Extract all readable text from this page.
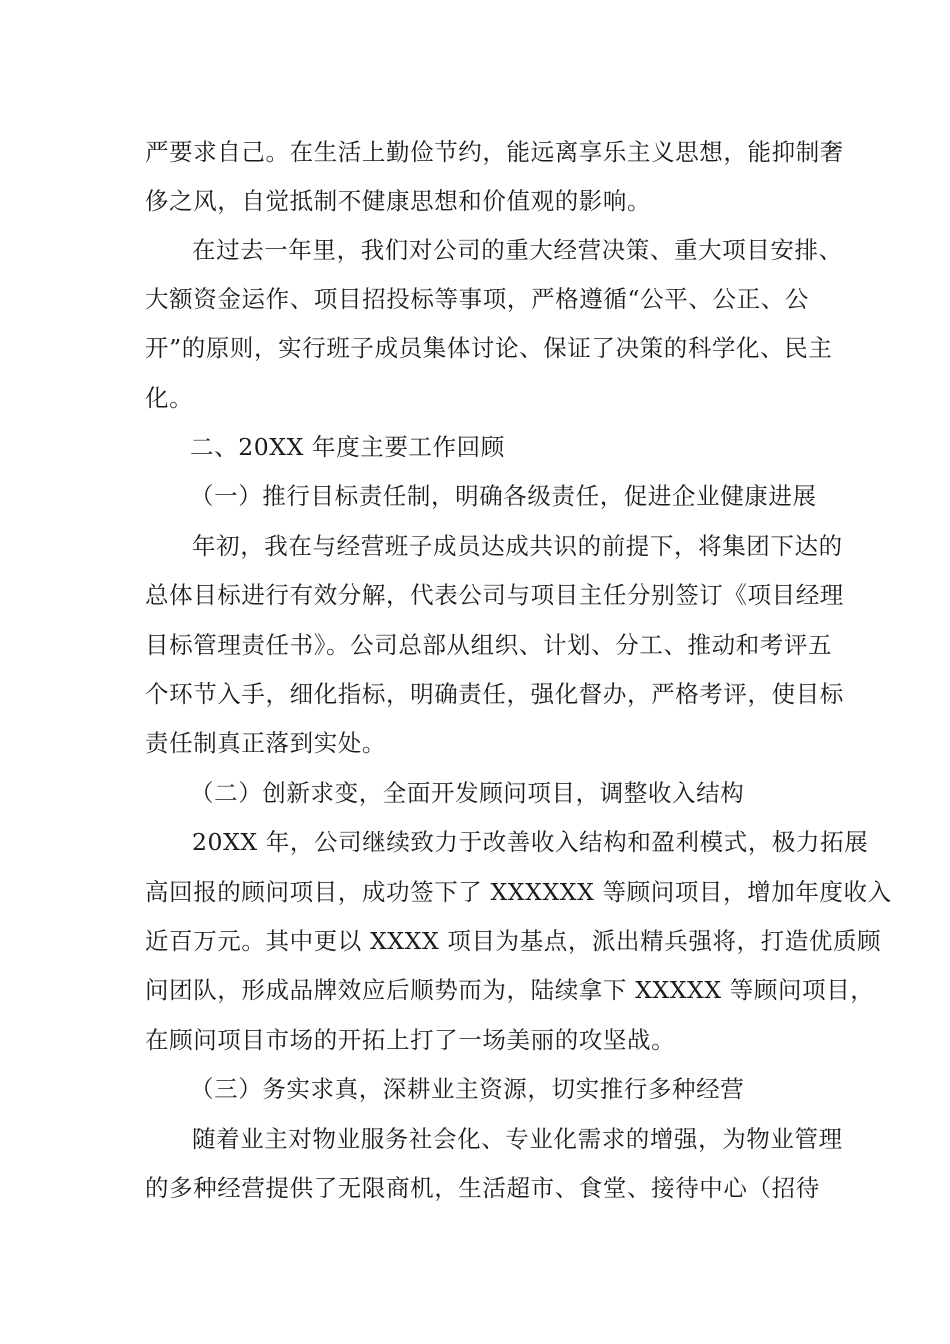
严要求自己。在生活上勤俭节约，能远离享乐主义思想，能抑制奢
侈之风，自觉抵制不健康思想和价值观的影响。
在过去一年里，我们对公司的重大经营决策、重大项目安排、
大额资金运作、项目招投标等事项，严格遵循“公平、公正、公
开”的原则，实行班子成员集体讨论、保证了决策的科学化、民主
化。
二、20XX 年度主要工作回顾
（一）推行目标责任制，明确各级责任，促进企业健康进展
年初，我在与经营班子成员达成共识的前提下，将集团下达的
总体目标进行有效分解，代表公司与项目主任分别签订《项目经理
目标管理责任书》。公司总部从组织、计划、分工、推动和考评五
个环节入手，细化指标，明确责任，强化督办，严格考评，使目标
责任制真正落到实处。
（二）创新求变，全面开发顾问项目，调整收入结构
20XX 年，公司继续致力于改善收入结构和盈利模式，极力拓展
高回报的顾问项目，成功签下了 XXXXXX 等顾问项目，增加年度收入
近百万元。其中更以 XXXX 项目为基点，派出精兵强将，打造优质顾
问团队，形成品牌效应后顺势而为，陆续拿下 XXXXX 等顾问项目，
在顾问项目市场的开拓上打了一场美丽的攻坚战。
（三）务实求真，深耕业主资源，切实推行多种经营
随着业主对物业服务社会化、专业化需求的增强，为物业管理
的多种经营提供了无限商机，生活超市、食堂、接待中心（招待
